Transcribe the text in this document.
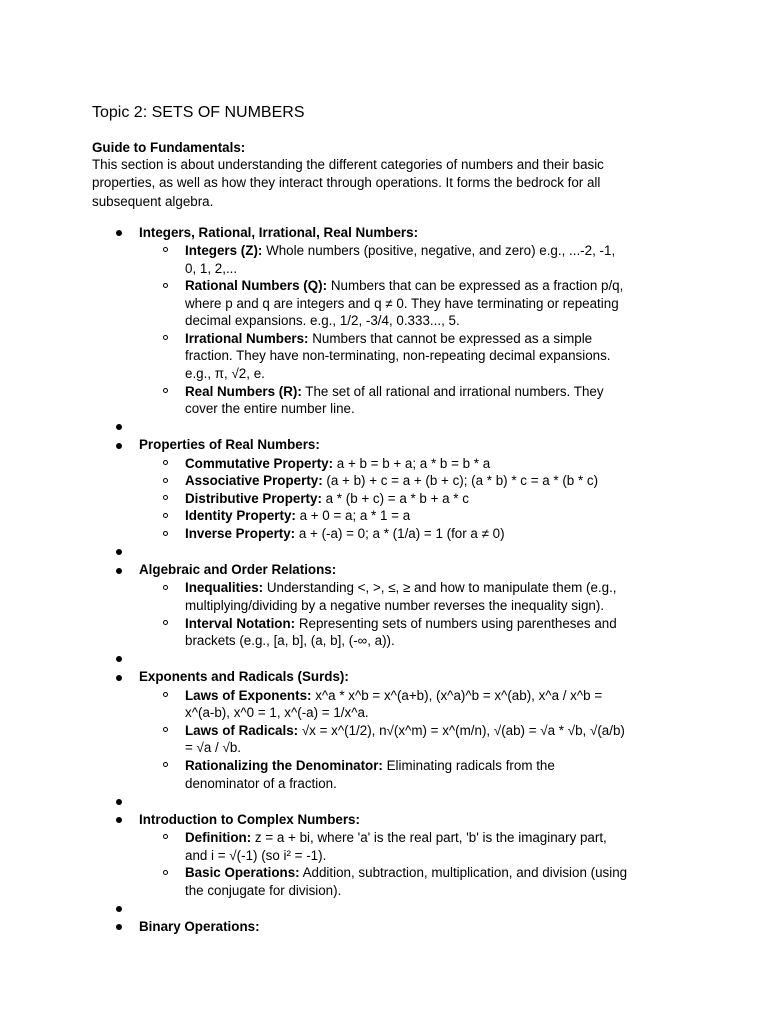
Topic 2: SETS OF NUMBERS
Guide to Fundamentals:

This section is about understanding the different categories of numbers and their basic properties, as well as how they interact through operations. It forms the bedrock for all subsequent algebra.

Integers, Rational, Irrational, Real Numbers:
Integers (Z): Whole numbers (positive, negative, and zero) e.g., ...-2, -1, 0, 1, 2,...
Rational Numbers (Q): Numbers that can be expressed as a fraction p/q, where p and q are integers and q ≠ 0. They have terminating or repeating decimal expansions. e.g., 1/2, -3/4, 0.333..., 5.
Irrational Numbers: Numbers that cannot be expressed as a simple fraction. They have non-terminating, non-repeating decimal expansions. e.g., π, √2, e.
Real Numbers (R): The set of all rational and irrational numbers. They cover the entire number line.
Properties of Real Numbers:
Commutative Property: a + b = b + a; a * b = b * a
Associative Property: (a + b) + c = a + (b + c); (a * b) * c = a * (b * c)
Distributive Property: a * (b + c) = a * b + a * c
Identity Property: a + 0 = a; a * 1 = a
Inverse Property: a + (-a) = 0; a * (1/a) = 1 (for a ≠ 0)
Algebraic and Order Relations:
Inequalities: Understanding <, >, ≤, ≥ and how to manipulate them (e.g., multiplying/dividing by a negative number reverses the inequality sign).
Interval Notation: Representing sets of numbers using parentheses and brackets (e.g., [a, b], (a, b], (-∞, a)).
Exponents and Radicals (Surds):
Laws of Exponents: x^a * x^b = x^(a+b), (x^a)^b = x^(ab), x^a / x^b = x^(a-b), x^0 = 1, x^(-a) = 1/x^a.
Laws of Radicals: √x = x^(1/2), n√(x^m) = x^(m/n), √(ab) = √a * √b, √(a/b) = √a / √b.
Rationalizing the Denominator: Eliminating radicals from the denominator of a fraction.
Introduction to Complex Numbers:
Definition: z = a + bi, where 'a' is the real part, 'b' is the imaginary part, and i = √(-1) (so i² = -1).
Basic Operations: Addition, subtraction, multiplication, and division (using the conjugate for division).
Binary Operations:
